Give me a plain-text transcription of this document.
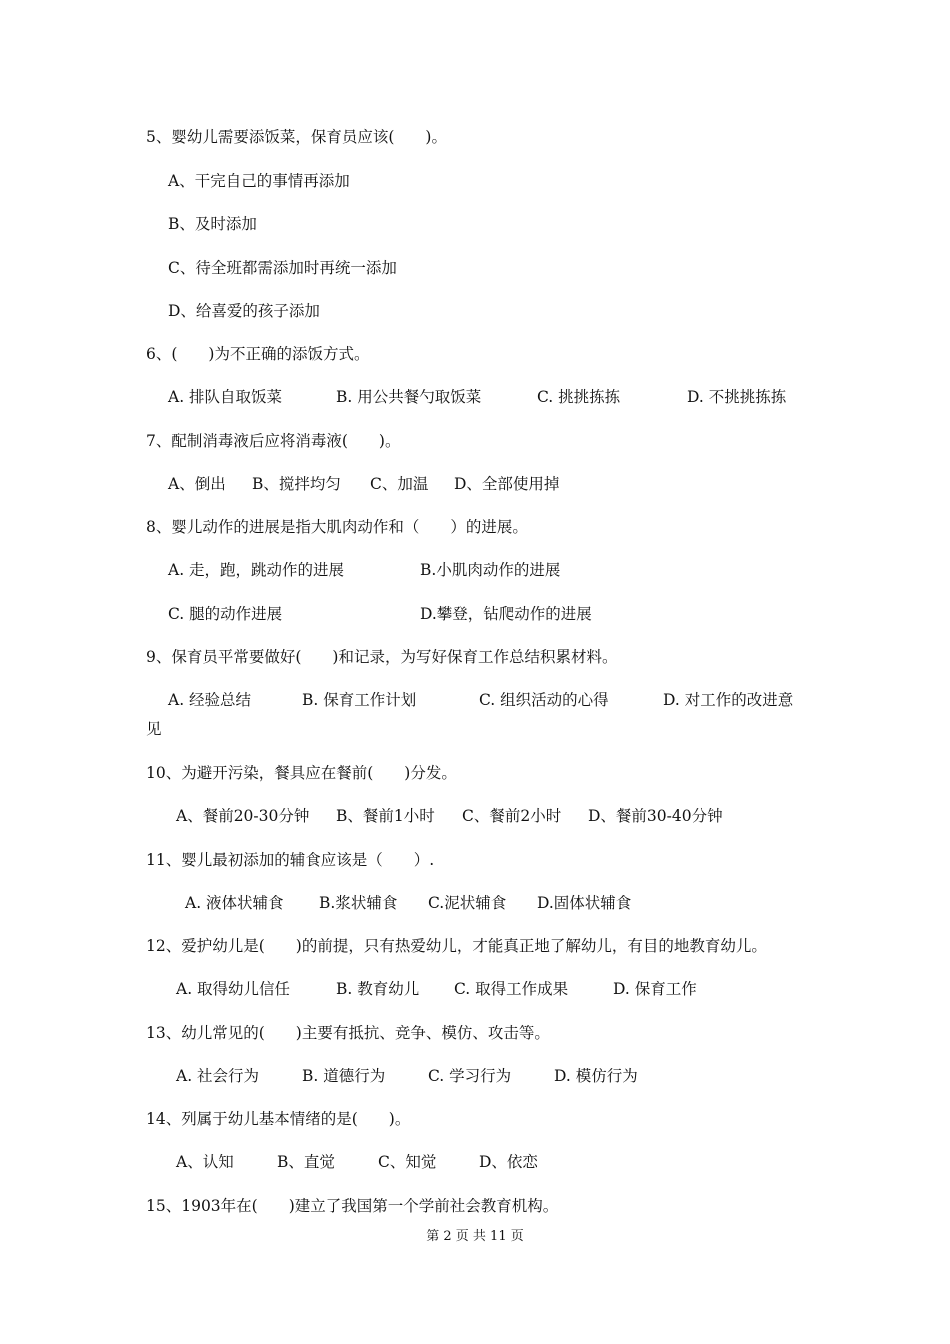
5、婴幼儿需要添饭菜，保育员应该(　　)。
A、干完自己的事情再添加
B、及时添加
C、待全班都需添加时再统一添加
D、给喜爱的孩子添加
6、(　　)为不正确的添饭方式。

A. 排队自取饭菜

	B. 用公共餐勺取饭菜

	C. 挑挑拣拣

	D. 不挑挑拣拣

7、配制消毒液后应将消毒液(　　)。

A、倒出

B、搅拌均匀

C、加温

D、全部使用掉

8、婴儿动作的进展是指大肌肉动作和（　　）的进展。

A. 走，跑，跳动作的进展

	B.小肌肉动作的进展

C. 腿的动作进展

	D.攀登，钻爬动作的进展

9、保育员平常要做好(　　)和记录，为写好保育工作总结积累材料。

A. 经验总结

	B. 保育工作计划

	C. 组织活动的心得

	D. 对工作的改进意

见
10、为避开污染，餐具应在餐前(　　)分发。

A、餐前20-30分钟

B、餐前1小时

C、餐前2小时

D、餐前30-40分钟

11、婴儿最初添加的辅食应该是（　　）.

A. 液体状辅食

B.浆状辅食

C.泥状辅食

D.固体状辅食

12、爱护幼儿是(　　)的前提，只有热爱幼儿，才能真正地了解幼儿，有目的地教育幼儿。

A. 取得幼儿信任

	B. 教育幼儿

C. 取得工作成果

	D. 保育工作

13、幼儿常见的(　　)主要有抵抗、竞争、模仿、攻击等。

A. 社会行为

	B. 道德行为

	C. 学习行为

	D. 模仿行为

14、列属于幼儿基本情绪的是(　　)。

A、认知

	B、直觉

	C、知觉

	D、依恋

15、1903年在(　　)建立了我国第一个学前社会教育机构。
第 2 页 共 11 页
